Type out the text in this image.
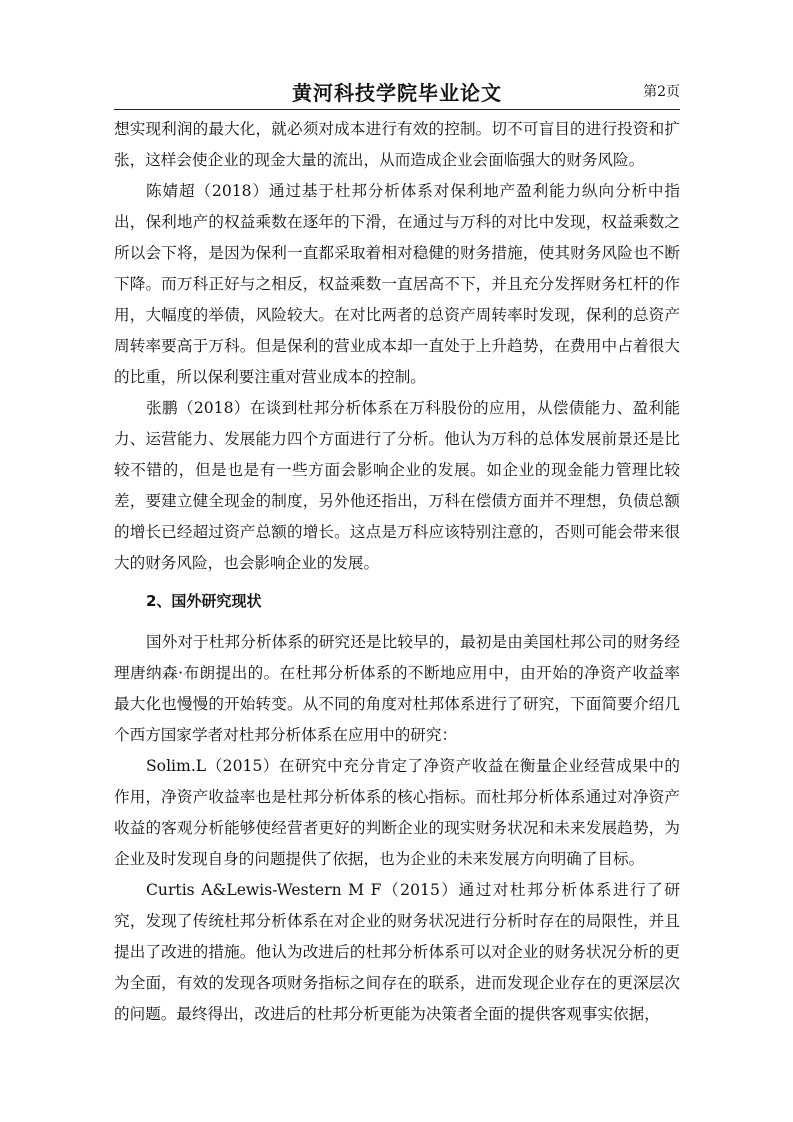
黄河科技学院毕业论文	第2页

想实现利润的最大化，就必须对成本进行有效的控制。切不可盲目的进行投资和扩张，这样会使企业的现金大量的流出，从而造成企业会面临强大的财务风险。

陈婧超（2018）通过基于杜邦分析体系对保利地产盈利能力纵向分析中指出，保利地产的权益乘数在逐年的下滑，在通过与万科的对比中发现，权益乘数之所以会下将，是因为保利一直都采取着相对稳健的财务措施，使其财务风险也不断下降。而万科正好与之相反，权益乘数一直居高不下，并且充分发挥财务杠杆的作用，大幅度的举债，风险较大。在对比两者的总资产周转率时发现，保利的总资产周转率要高于万科。但是保利的营业成本却一直处于上升趋势，在费用中占着很大的比重，所以保利要注重对营业成本的控制。

张鹏（2018）在谈到杜邦分析体系在万科股份的应用，从偿债能力、盈利能力、运营能力、发展能力四个方面进行了分析。他认为万科的总体发展前景还是比较不错的，但是也是有一些方面会影响企业的发展。如企业的现金能力管理比较差，要建立健全现金的制度，另外他还指出，万科在偿债方面并不理想，负债总额的增长已经超过资产总额的增长。这点是万科应该特别注意的，否则可能会带来很大的财务风险，也会影响企业的发展。

2、国外研究现状

国外对于杜邦分析体系的研究还是比较早的，最初是由美国杜邦公司的财务经理唐纳森·布朗提出的。在杜邦分析体系的不断地应用中，由开始的净资产收益率最大化也慢慢的开始转变。从不同的角度对杜邦体系进行了研究，下面简要介绍几个西方国家学者对杜邦分析体系在应用中的研究：

Solim.L（2015）在研究中充分肯定了净资产收益在衡量企业经营成果中的作用，净资产收益率也是杜邦分析体系的核心指标。而杜邦分析体系通过对净资产收益的客观分析能够使经营者更好的判断企业的现实财务状况和未来发展趋势，为企业及时发现自身的问题提供了依据，也为企业的未来发展方向明确了目标。

Curtis A&Lewis-Western M F（2015）通过对杜邦分析体系进行了研究，发现了传统杜邦分析体系在对企业的财务状况进行分析时存在的局限性，并且提出了改进的措施。他认为改进后的杜邦分析体系可以对企业的财务状况分析的更为全面，有效的发现各项财务指标之间存在的联系，进而发现企业存在的更深层次的问题。最终得出，改进后的杜邦分析更能为决策者全面的提供客观事实依据，
